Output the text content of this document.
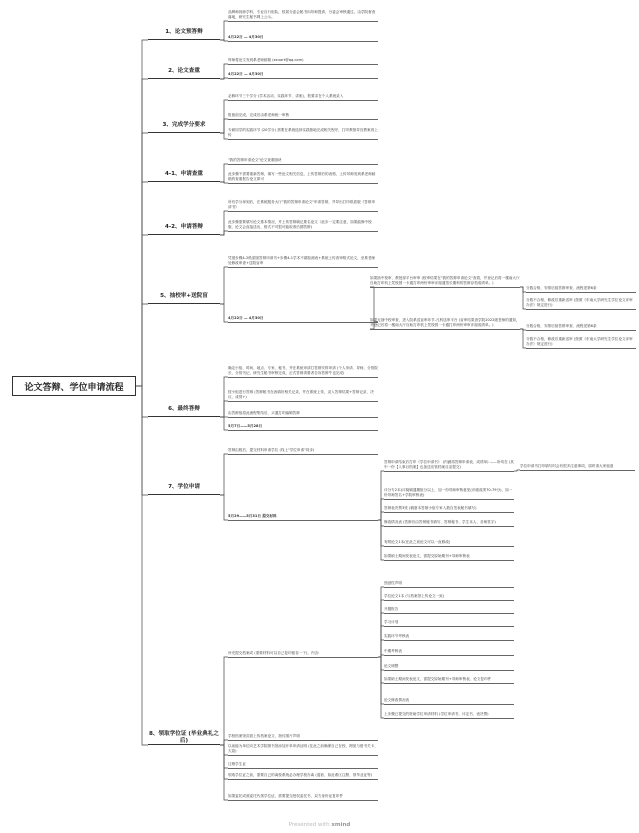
1、论文预答辩
品牌师视师学科，专业自行组队，按届分委会秘书向导师提请、分委会审核通过。由学院督查落地，研究生秘书网上公示。
4月22日 — 4月30日
2、论文查重
每师将论文发到系老师邮箱 (seuart@qq.com)
4月22日 — 4月30日
3、完成学分要求
必修环节三个学分 (学术活动、实践环节、讲座)，报要求在个人系统录入
报留前完成，完成后由系老师统一审核
专硕同学的实践环节 (20学分) 需要在系统选择实践基地完成相关程序，打印教指导官教案再上传
4-1、申请查重
"我的答辩申请论文"论文查重版块
此步骤不需要重新答辩，填写一些论文相关信息，上传答辩后的表格，上传导师发到系老师邮箱的查重报告论文即可
4-2、申请答辩
所有学分拿到后，在系统服务大厅"我的答辩申请论文"申请答辩，并导出打印纸质版《答辩申请书》
此步骤需要填写论文基本情况，并上传答辩稿记要名论文（此步一定要注意，如果能修中校版、论文会直接送出，格式不对很可能取消后期答辩)
5、抽校审+送院盲
凭借步骤4-2纸质版答辩申请书+步骤4-1学术不端检测表+系统上传查审格式论文，至系老师处修改审查+送院盲审
4月22日 — 4月30日
6、最终答辩
确定小组、时间、地点、专家、秘书，并在系统申请打答辩安排申请 (个人申请、导师、分管院长、分管书记、研究生秘书审核完成，正式答辩须要者告诉答辩牛也完成)
按小组进行答辩 (答辩秘书在表填好相关记录，并在系统上传，录入答辩结果+答辩记录、决议、成绩+)
由答辩组将此流程集结后，买通打印编辑答辩
5月7日——5月28日
7、学位申请
答辩由数后，提交材料申请学位 (线上"学位申请"同步)
5月29——5月31日 提交材料
8、领取学位证 (毕业典礼之后)
补充提交档案或 (需要材料可以自己复印留存一下)，内含:
学校档案馆页面上传档案论文、指纹图片声明
以前能为单位向艺术学院图书馆添加开单申请证明 (住此之前确保自己在校、网宽与借书关卡、欠款)
注销学生证
领取学位证之前，需要自己的离校系统必办理学校办离 (退宿、如此系区注册、领毕业证等)
如果委托或被委托代领学位证，需要提交授权委托书、双方身份证复印件
如果抽中校审，教授部平台审审 (校审结果在"我的答辩申请论文"查看，并登记后将一楼南大厅自助打印机上凭校园一卡通打印两份审审评阅通签长期科的答辩存档成绩单。)
分数合格，安排后续答辩审查、流程见第6条
分数不合格，修改后重新送审 (按照《东南大学研究生学位论文评审办法》规定进行)
如果无抽中校审查，进入院系送盲审环节-凡科送审平台 (盲审结果查学院2022级老师的通知，并登记后将一楼南大厅自助打印机上凭校园一卡通打印两份审审评阅成绩单。)	分数合格，安排后续答辩审查、流程见第6条
分数不合格，修改后重新送审 (按照《东南大学研究生学位论文评审办法》规定进行)
答辩申请结束后打印《学位申请书》 (内涵再答辩申请表、成绩单) ——所均在 (其中一份【入事目档案】也备送应管档案目录提交)
评分专2本(评阅稿通期组分以上，加一份导师审核意见(评级成绩70-79分)，如一份导师签名+学院审核表)
答辩表决票3张 (稿夏本答辩小组专家入数自签表秘书填写)
修改情况表 (答辩后由答辩秘书填写、答辩秘书、学生本人、各师签字)
有附论文1本(在此之前论文可以一直修改)
如果硕士期间发表论文，需提交原始期刊+导师审核表
学位申请书打印填写时会有很多注意事项，届时请大家留意
独创性声明
学位论文1本 (与档案馆上传论文一致)
开题报告
学习计划
实践环节考核表
中期考核表
论文调整
如果硕士期间发表论文，需提交原始期刊+导师审核表、论文复印件
论文修改情况表
上步骤已提交的资助学位申请材料 (学位申请书、评定书、表决票)
论文答辩、学位申请流程
Presented with xmind
